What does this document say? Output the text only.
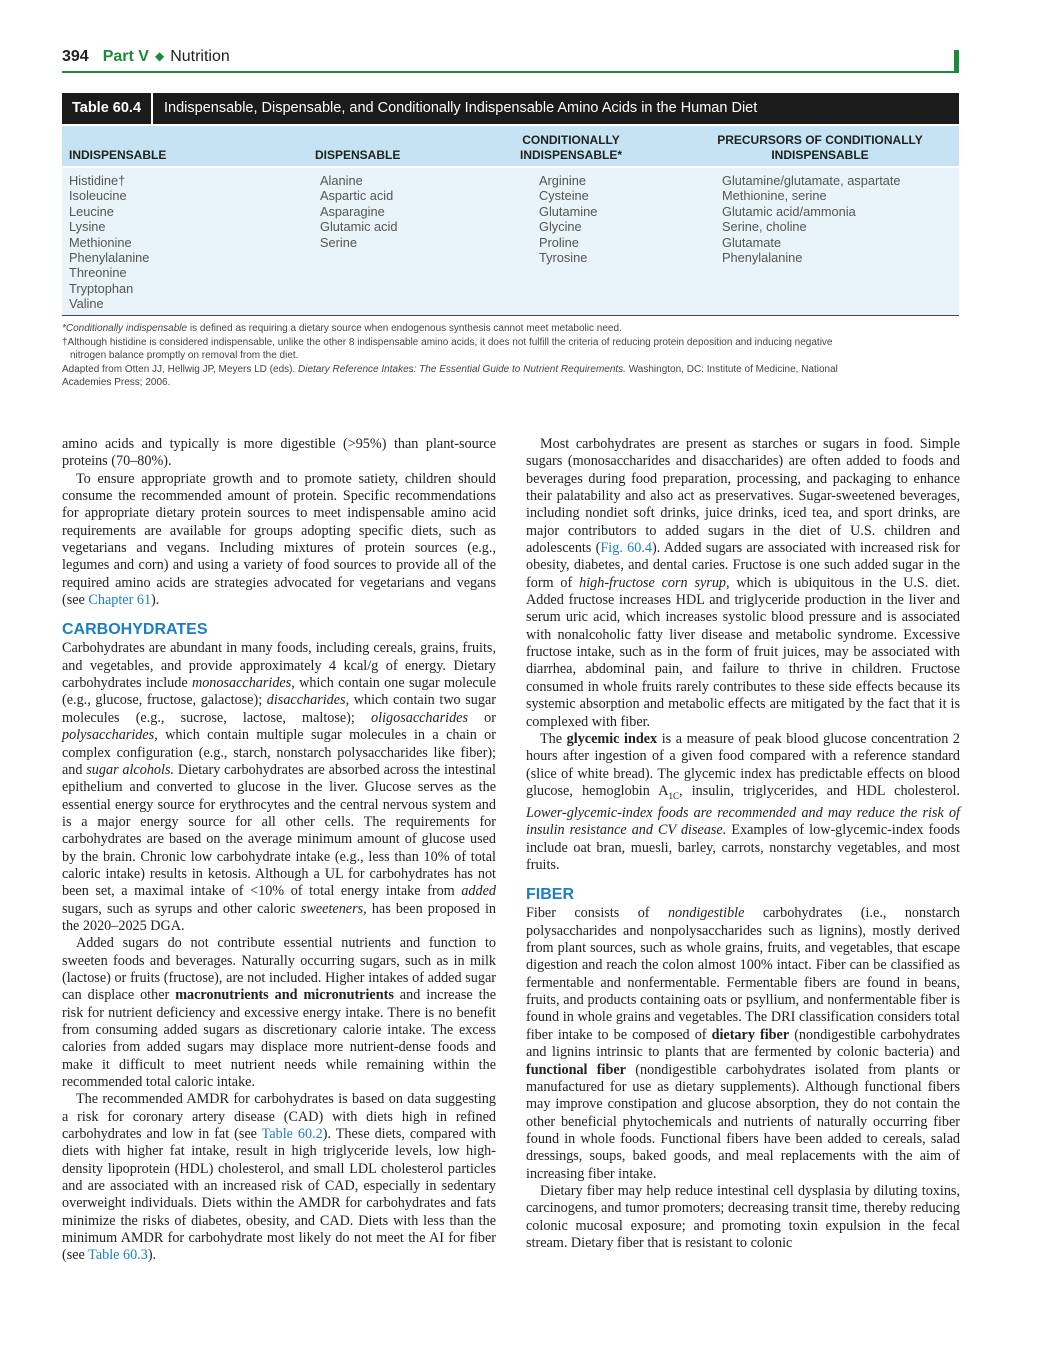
394 Part V ◆ Nutrition
Table 60.4	Indispensable, Dispensable, and Conditionally Indispensable Amino Acids in the Human Diet
INDISPENSABLE	DISPENSABLE
CONDITIONALLY
INDISPENSABLE*
PRECURSORS OF CONDITIONALLY
INDISPENSABLE
Histidine†
Isoleucine
Leucine
Lysine
Methionine
Phenylalanine
Threonine
Tryptophan
Valine
Alanine
Aspartic acid
Asparagine
Glutamic acid
Serine
Arginine
Cysteine
Glutamine
Glycine
Proline
Tyrosine
Glutamine/glutamate, aspartate
Methionine, serine
Glutamic acid/ammonia
Serine, choline
Glutamate
Phenylalanine

*Conditionally indispensable is defined as requiring a dietary source when endogenous synthesis cannot meet metabolic need.

†Although histidine is considered indispensable, unlike the other 8 indispensable amino acids, it does not fulfill the criteria of reducing protein deposition and inducing negative

nitrogen balance promptly on removal from the diet.

Adapted from Otten JJ, Hellwig JP, Meyers LD (eds). Dietary Reference Intakes: The Essential Guide to Nutrient Requirements. Washington, DC: Institute of Medicine, National

Academies Press; 2006.

amino acids and typically is more digestible (>95%) than plant-source proteins (70–80%).

To ensure appropriate growth and to promote satiety, children should consume the recommended amount of protein. Specific recommendations for appropriate dietary protein sources to meet indispensable amino acid requirements are available for groups adopting specific diets, such as vegetarians and vegans. Including mixtures of protein sources (e.g., legumes and corn) and using a variety of food sources to provide all of the required amino acids are strategies advocated for vegetarians and vegans (see Chapter 61).

CARBOHYDRATES

Carbohydrates are abundant in many foods, including cereals, grains, fruits, and vegetables, and provide approximately 4 kcal/g of energy. Dietary carbohydrates include monosaccharides, which contain one sugar molecule (e.g., glucose, fructose, galactose); disaccharides, which contain two sugar molecules (e.g., sucrose, lactose, maltose); oligosaccharides or polysaccharides, which contain multiple sugar molecules in a chain or complex configuration (e.g., starch, nonstarch polysaccharides like fiber); and sugar alcohols. Dietary carbohydrates are absorbed across the intestinal epithelium and converted to glucose in the liver. Glucose serves as the essential energy source for erythrocytes and the central nervous system and is a major energy source for all other cells. The requirements for carbohydrates are based on the average minimum amount of glucose used by the brain. Chronic low carbohydrate intake (e.g., less than 10% of total caloric intake) results in ketosis. Although a UL for carbohydrates has not been set, a maximal intake of <10% of total energy intake from added sugars, such as syrups and other caloric sweeteners, has been proposed in the 2020–2025 DGA.

Added sugars do not contribute essential nutrients and function to sweeten foods and beverages. Naturally occurring sugars, such as in milk (lactose) or fruits (fructose), are not included. Higher intakes of added sugar can displace other macronutrients and micronutrients and increase the risk for nutrient deficiency and excessive energy intake. There is no benefit from consuming added sugars as discretionary calorie intake. The excess calories from added sugars may displace more nutrient-dense foods and make it difficult to meet nutrient needs while remaining within the recommended total caloric intake.

The recommended AMDR for carbohydrates is based on data suggesting a risk for coronary artery disease (CAD) with diets high in refined carbohydrates and low in fat (see Table 60.2). These diets, compared with diets with higher fat intake, result in high triglyceride levels, low high-density lipoprotein (HDL) cholesterol, and small LDL cholesterol particles and are associated with an increased risk of CAD, especially in sedentary overweight individuals. Diets within the AMDR for carbohydrates and fats minimize the risks of diabetes, obesity, and CAD. Diets with less than the minimum AMDR for carbohydrate most likely do not meet the AI for fiber (see Table 60.3).

Most carbohydrates are present as starches or sugars in food. Simple sugars (monosaccharides and disaccharides) are often added to foods and beverages during food preparation, processing, and packaging to enhance their palatability and also act as preservatives. Sugar-sweetened beverages, including nondiet soft drinks, juice drinks, iced tea, and sport drinks, are major contributors to added sugars in the diet of U.S. children and adolescents (Fig. 60.4). Added sugars are associated with increased risk for obesity, diabetes, and dental caries. Fructose is one such added sugar in the form of high-fructose corn syrup, which is ubiquitous in the U.S. diet. Added fructose increases HDL and triglyceride production in the liver and serum uric acid, which increases systolic blood pressure and is associated with nonalcoholic fatty liver disease and metabolic syndrome. Excessive fructose intake, such as in the form of fruit juices, may be associated with diarrhea, abdominal pain, and failure to thrive in children. Fructose consumed in whole fruits rarely contributes to these side effects because its systemic absorption and metabolic effects are mitigated by the fact that it is complexed with fiber.

The glycemic index is a measure of peak blood glucose concentration 2 hours after ingestion of a given food compared with a reference standard (slice of white bread). The glycemic index has predictable effects on blood glucose, hemoglobin $A_{1C}$, insulin, triglycerides, and HDL cholesterol. Lower-glycemic-index foods are recommended and may reduce the risk of insulin resistance and CV disease. Examples of low-glycemic-index foods include oat bran, muesli, barley, carrots, nonstarchy vegetables, and most fruits.

FIBER

Fiber consists of nondigestible carbohydrates (i.e., nonstarch polysaccharides and nonpolysaccharides such as lignins), mostly derived from plant sources, such as whole grains, fruits, and vegetables, that escape digestion and reach the colon almost 100% intact. Fiber can be classified as fermentable and nonfermentable. Fermentable fibers are found in beans, fruits, and products containing oats or psyllium, and nonfermentable fiber is found in whole grains and vegetables. The DRI classification considers total fiber intake to be composed of dietary fiber (nondigestible carbohydrates and lignins intrinsic to plants that are fermented by colonic bacteria) and functional fiber (nondigestible carbohydrates isolated from plants or manufactured for use as dietary supplements). Although functional fibers may improve constipation and glucose absorption, they do not contain the other beneficial phytochemicals and nutrients of naturally occurring fiber found in whole foods. Functional fibers have been added to cereals, salad dressings, soups, baked goods, and meal replacements with the aim of increasing fiber intake.

Dietary fiber may help reduce intestinal cell dysplasia by diluting toxins, carcinogens, and tumor promoters; decreasing transit time, thereby reducing colonic mucosal exposure; and promoting toxin expulsion in the fecal stream. Dietary fiber that is resistant to colonic
